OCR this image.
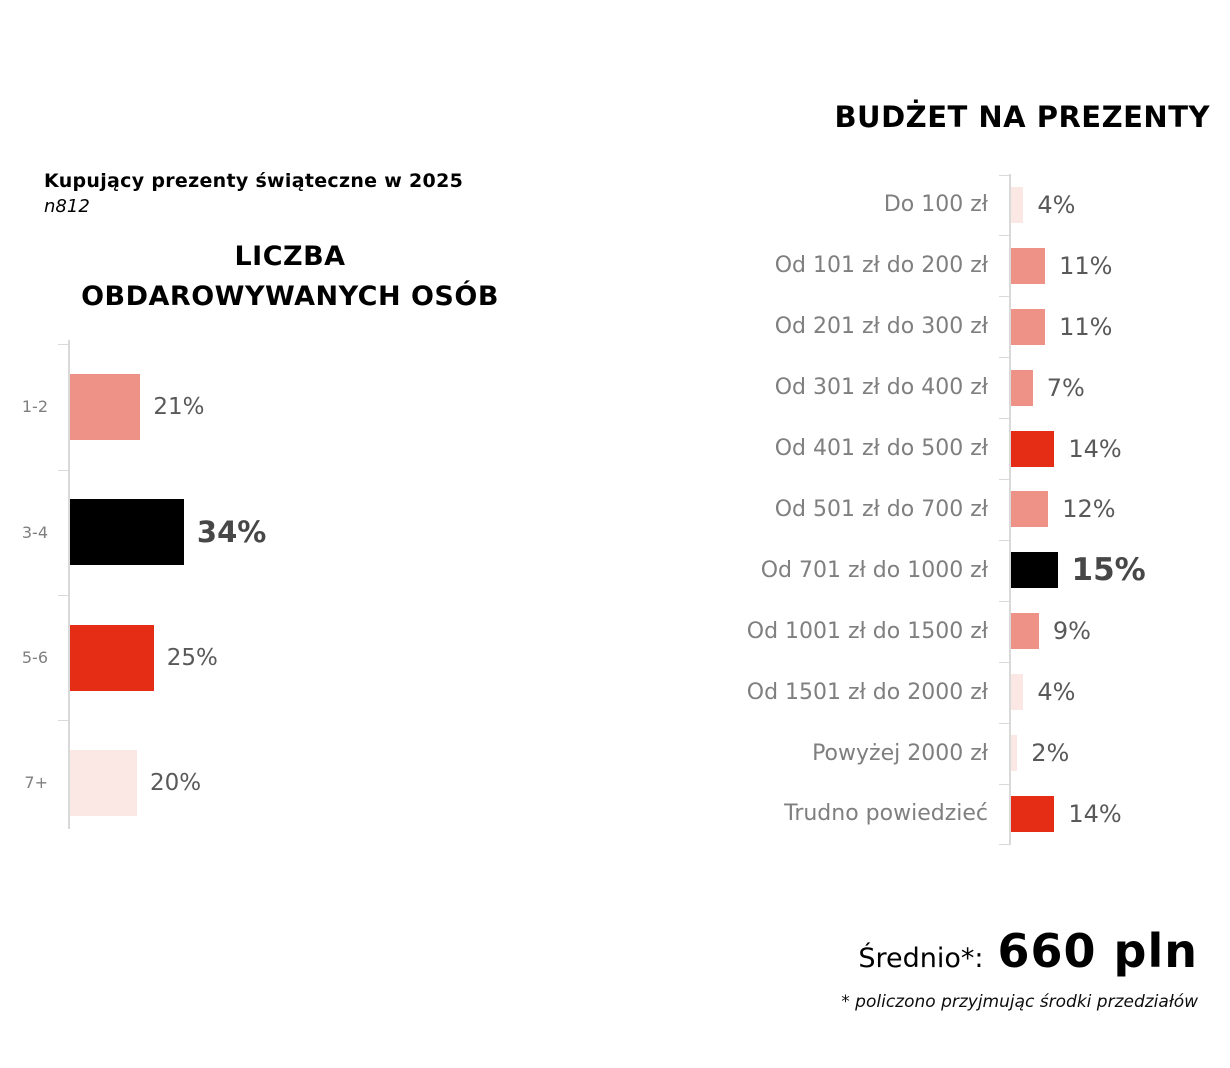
Kupujący prezenty świąteczne w 2025
n812
LICZBA
OBDAROWYWANYCH OSÓB
BUDŻET NA PREZENTY
1-2	21%
3-4	34%
5-6	25%
7+	20%
Do 100 zł 4%
Od 101 zł do 200 zł	11%
Od 201 zł do 300 zł	11%
Od 301 zł do 400 zł 7%
Od 401 zł do 500 zł	14%
Od 501 zł do 700 zł	12%
Od 701 zł do 1000 zł	15%
Od 1001 zł do 1500 zł	9%
Od 1501 zł do 2000 zł 4%
Powyżej 2000 zł 2%
Trudno powiedzieć	14%
Średnio*: 660 pln
* policzono przyjmując środki przedziałów
